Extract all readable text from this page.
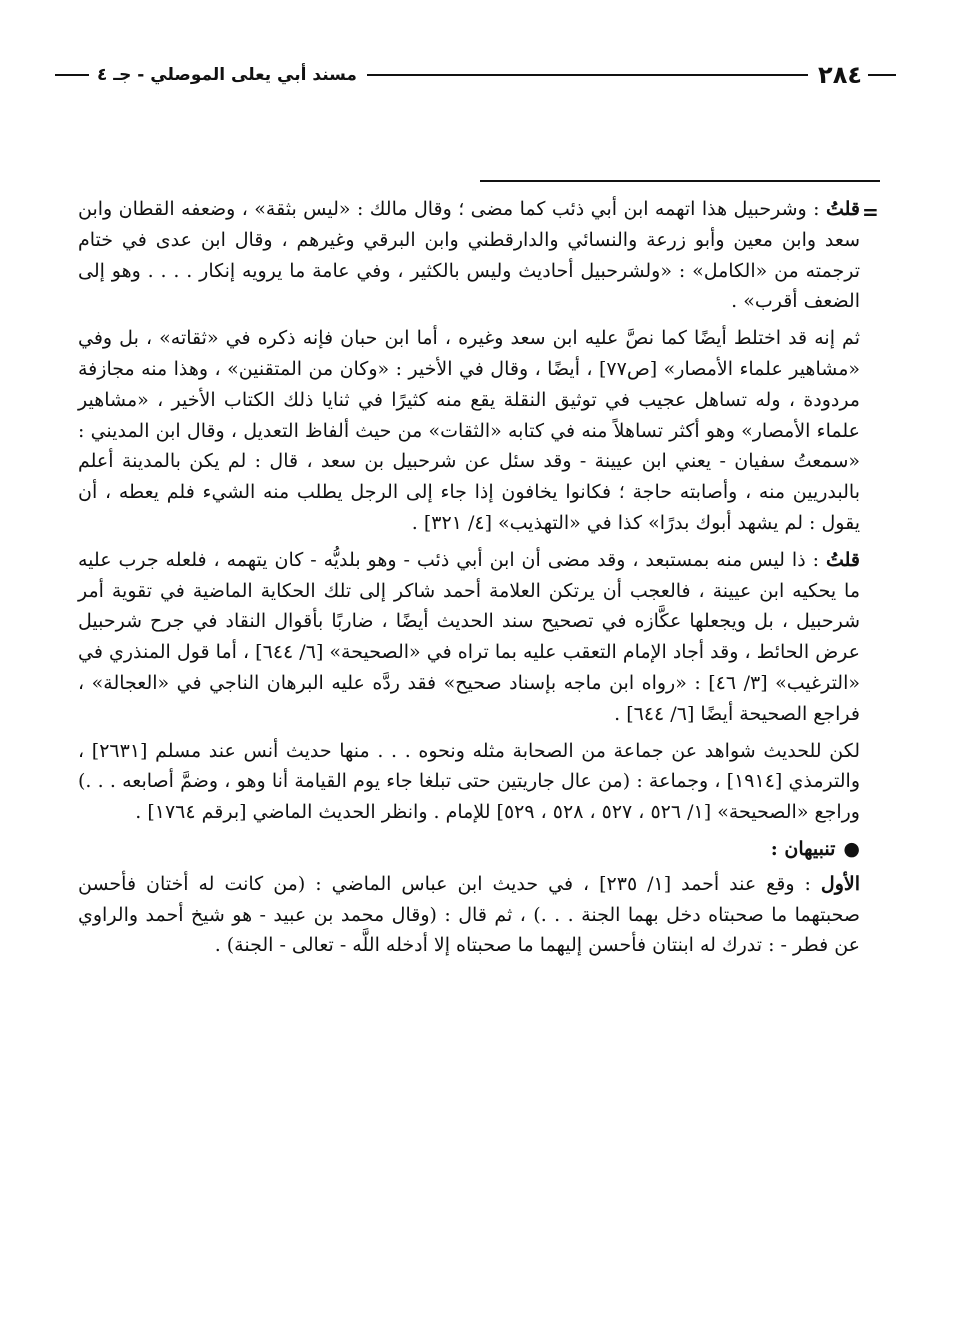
٢٨٤
مسند أبي يعلى الموصلي - جـ ٤
=

قلتُ : وشرحبيل هذا اتهمه ابن أبي ذئب كما مضى ؛ وقال مالك : «ليس بثقة» ، وضعفه القطان وابن سعد وابن معين وأبو زرعة والنسائي والدارقطني وابن البرقي وغيرهم ، وقال ابن عدى في ختام ترجمته من «الكامل» : «ولشرحبيل أحاديث وليس بالكثير ، وفي عامة ما يرويه إنكار . . . . وهو إلى الضعف أقرب» .

ثم إنه قد اختلط أيضًا كما نصَّ عليه ابن سعد وغيره ، أما ابن حبان فإنه ذكره في «ثقاته» ، بل وفي «مشاهير علماء الأمصار» [ص٧٧] ، أيضًا ، وقال في الأخير : «وكان من المتقنين» ، وهذا منه مجازفة مردودة ، وله تساهل عجيب في توثيق النقلة يقع منه كثيرًا في ثنايا ذلك الكتاب الأخير ، «مشاهير علماء الأمصار» وهو أكثر تساهلاً منه في كتابه «الثقات» من حيث ألفاظ التعديل ، وقال ابن المديني : «سمعتُ سفيان - يعني ابن عيينة - وقد سئل عن شرحبيل بن سعد ، قال : لم يكن بالمدينة أعلم بالبدريين منه ، وأصابته حاجة ؛ فكانوا يخافون إذا جاء إلى الرجل يطلب منه الشيء فلم يعطه ، أن يقول : لم يشهد أبوك بدرًا» كذا في «التهذيب» [٤/ ٣٢١] .

قلتُ : ذا ليس منه بمستبعد ، وقد مضى أن ابن أبي ذئب - وهو بلديُّه - كان يتهمه ، فلعله جرب عليه ما يحكيه ابن عيينة ، فالعجب أن يرتكن العلامة أحمد شاكر إلى تلك الحكاية الماضية في تقوية أمر شرحبيل ، بل ويجعلها عكَّازه في تصحيح سند الحديث أيضًا ، ضاربًا بأقوال النقاد في جرح شرحبيل عرض الحائط ، وقد أجاد الإمام التعقب عليه بما تراه في «الصحيحة» [٦/ ٦٤٤] ، أما قول المنذري في «الترغيب» [٣/ ٤٦] : «رواه ابن ماجه بإسناد صحيح» فقد ردَّه عليه البرهان الناجي في «العجالة» ، فراجع الصحيحة أيضًا [٦/ ٦٤٤] .

لكن للحديث شواهد عن جماعة من الصحابة مثله ونحوه . . . منها حديث أنس عند مسلم [٢٦٣١] ، والترمذي [١٩١٤] ، وجماعة : (من عال جاريتين حتى تبلغا جاء يوم القيامة أنا وهو ، وضمَّ أصابعه . . .) وراجع «الصحيحة» [١/ ٥٢٦ ، ٥٢٧ ، ٥٢٨ ، ٥٢٩] للإمام . وانظر الحديث الماضي [برقم ١٧٦٤] .

●تنبيهان :

الأول : وقع عند أحمد [١/ ٢٣٥] ، في حديث ابن عباس الماضي : (من كانت له أختان فأحسن صحبتهما ما صحبتاه دخل بهما الجنة . . .) ، ثم قال : (وقال محمد بن عبيد - هو شيخ أحمد والراوي عن فطر - : تدرك له ابنتان فأحسن إليهما ما صحبتاه إلا أدخله اللَّه - تعالى - الجنة) .
